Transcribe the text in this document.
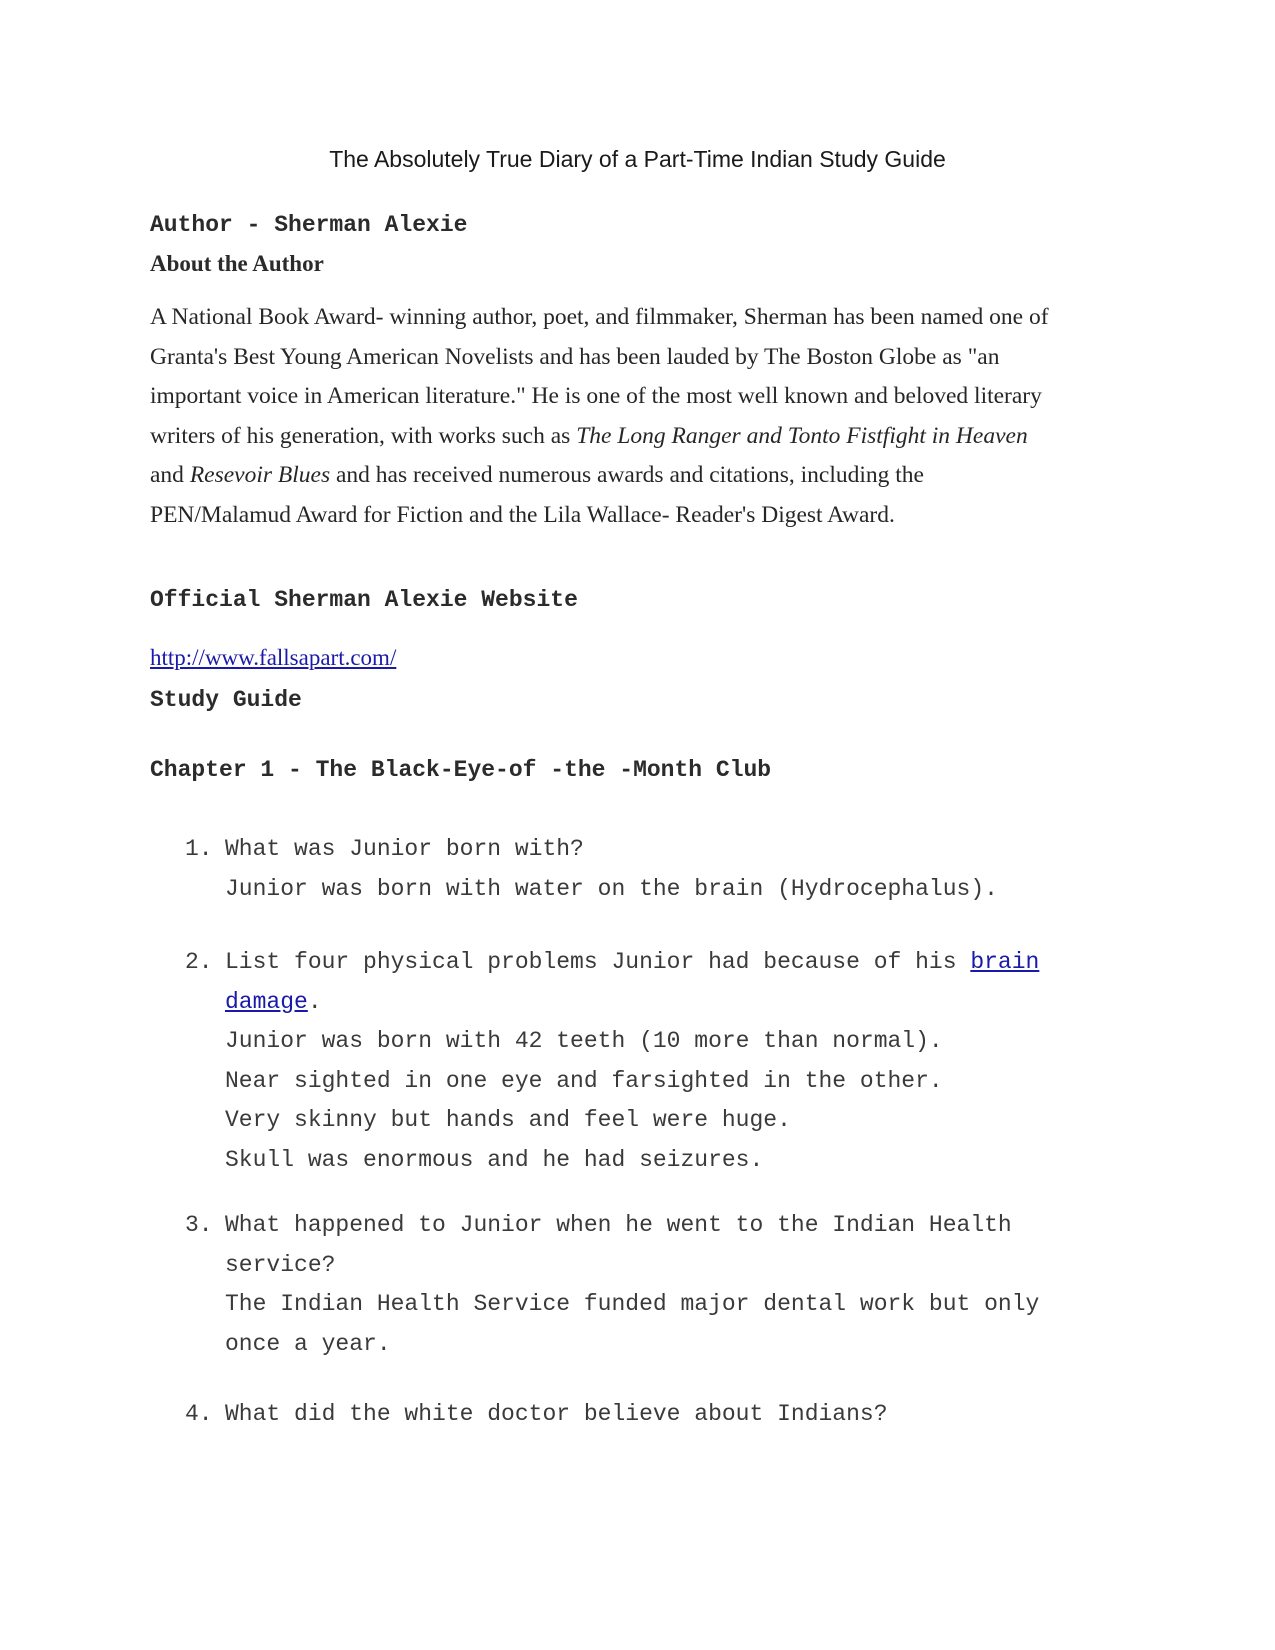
The Absolutely True Diary of a Part-Time Indian Study Guide
Author - Sherman Alexie
About the Author
A National Book Award- winning author, poet, and filmmaker, Sherman has been named one of
Granta's Best Young American Novelists and has been lauded by The Boston Globe as "an
important voice in American literature." He is one of the most well known and beloved literary
writers of his generation, with works such as The Long Ranger and Tonto Fistfight in Heaven
and Resevoir Blues and has received numerous awards and citations, including the
PEN/Malamud Award for Fiction and the Lila Wallace- Reader's Digest Award.
Official Sherman Alexie Website
http://www.fallsapart.com/
Study Guide
Chapter 1 - The Black-Eye-of -the -Month Club
1. What was Junior born with?
Junior was born with water on the brain (Hydrocephalus).
2. List four physical problems Junior had because of his brain
damage.
Junior was born with 42 teeth (10 more than normal).
Near sighted in one eye and farsighted in the other.
Very skinny but hands and feel were huge.
Skull was enormous and he had seizures.
3. What happened to Junior when he went to the Indian Health
service?
The Indian Health Service funded major dental work but only
once a year.
4. What did the white doctor believe about Indians?
